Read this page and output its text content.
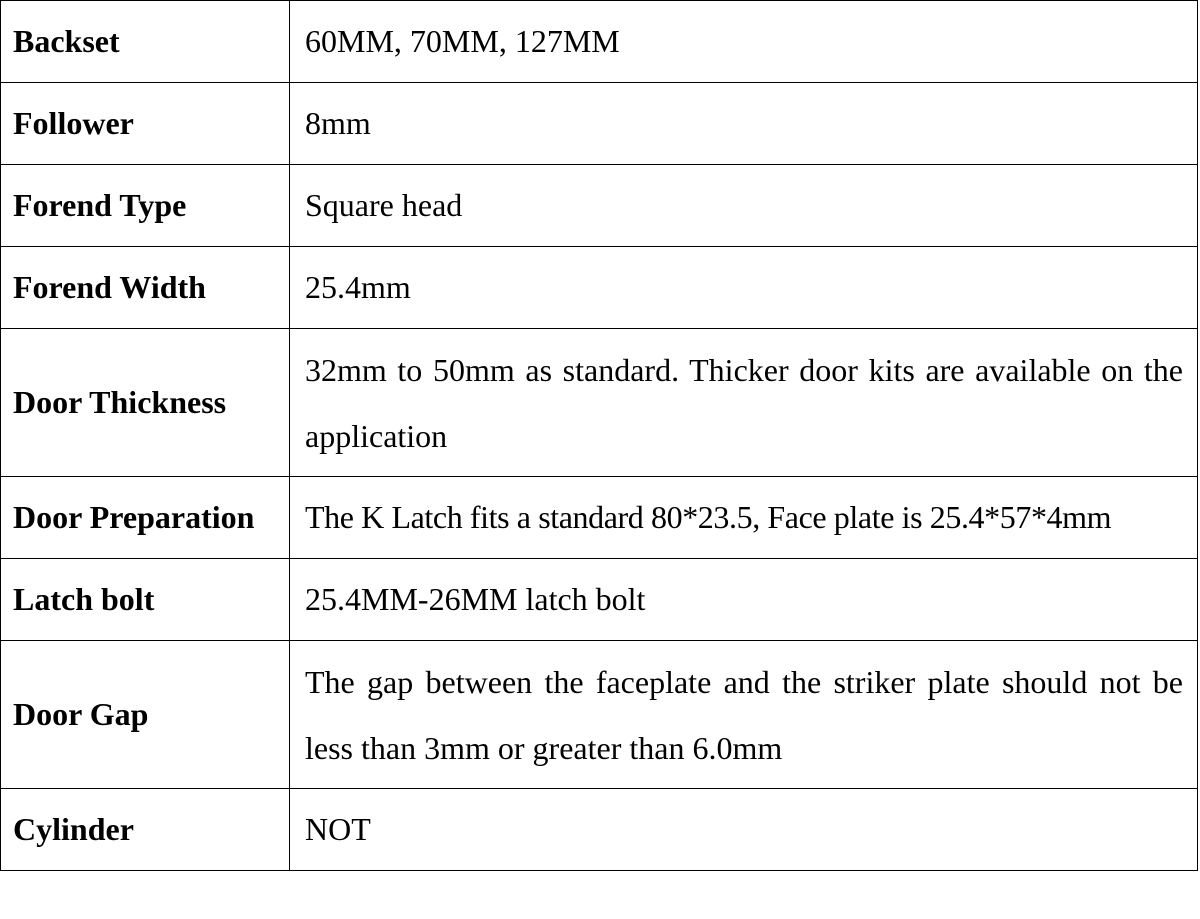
Backset	60MM, 70MM, 127MM

Follower	8mm

Forend Type	Square head

Forend Width	25.4mm

Door Thickness	32mm to 50mm as standard. Thicker door kits are available on the application

Door Preparation	The K Latch fits a standard 80*23.5, Face plate is 25.4*57*4mm

Latch bolt	25.4MM-26MM latch bolt

Door Gap	The gap between the faceplate and the striker plate should not be less than 3mm or greater than 6.0mm

Cylinder	NOT
